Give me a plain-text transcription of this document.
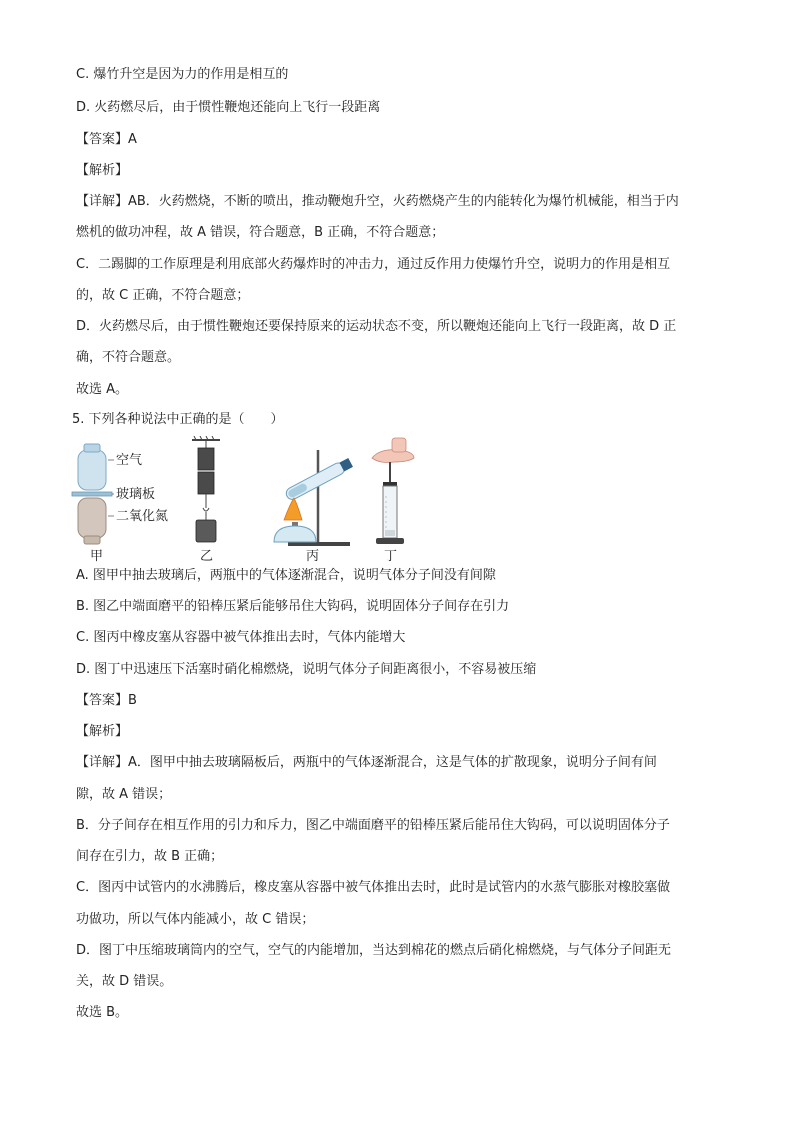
C. 爆竹升空是因为力的作用是相互的
D. 火药燃尽后，由于惯性鞭炮还能向上飞行一段距离
【答案】A
【解析】
【详解】AB．火药燃烧，不断的喷出，推动鞭炮升空，火药燃烧产生的内能转化为爆竹机械能，相当于内
燃机的做功冲程，故 A 错误，符合题意，B 正确，不符合题意；
C．二踢脚的工作原理是利用底部火药爆炸时的冲击力，通过反作用力使爆竹升空，说明力的作用是相互
的，故 C 正确，不符合题意；
D．火药燃尽后，由于惯性鞭炮还要保持原来的运动状态不变，所以鞭炮还能向上飞行一段距离，故 D 正
确，不符合题意。
故选 A。
5. 下列各种说法中正确的是（　　）
空气
玻璃板
二氧化氮
甲	乙	丙	丁
A. 图甲中抽去玻璃后，两瓶中的气体逐渐混合，说明气体分子间没有间隙
B. 图乙中端面磨平的铅棒压紧后能够吊住大钩码，说明固体分子间存在引力
C. 图丙中橡皮塞从容器中被气体推出去时，气体内能增大
D. 图丁中迅速压下活塞时硝化棉燃烧，说明气体分子间距离很小，不容易被压缩
【答案】B
【解析】
【详解】A．图甲中抽去玻璃隔板后，两瓶中的气体逐渐混合，这是气体的扩散现象，说明分子间有间
隙，故 A 错误；
B．分子间存在相互作用的引力和斥力，图乙中端面磨平的铅棒压紧后能吊住大钩码，可以说明固体分子
间存在引力，故 B 正确；
C．图丙中试管内的水沸腾后，橡皮塞从容器中被气体推出去时，此时是试管内的水蒸气膨胀对橡胶塞做
功做功，所以气体内能减小，故 C 错误；
D．图丁中压缩玻璃筒内的空气，空气的内能增加，当达到棉花的燃点后硝化棉燃烧，与气体分子间距无
关，故 D 错误。
故选 B。
